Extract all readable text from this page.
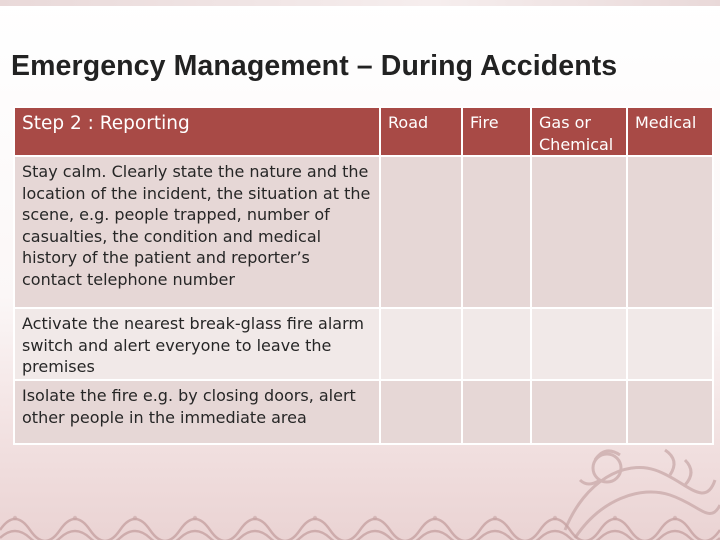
Emergency Management – During Accidents
Step 2 : Reporting	Road	Fire	Gas or Chemical	Medical
Stay calm. Clearly state the nature and the location of the incident, the situation at the scene, e.g. people trapped, number of casualties, the condition and medical history of the patient and reporter’s contact telephone number				
Activate the nearest break-glass fire alarm switch and alert everyone to leave the premises				
Isolate the fire e.g. by closing doors, alert other people in the immediate area				
